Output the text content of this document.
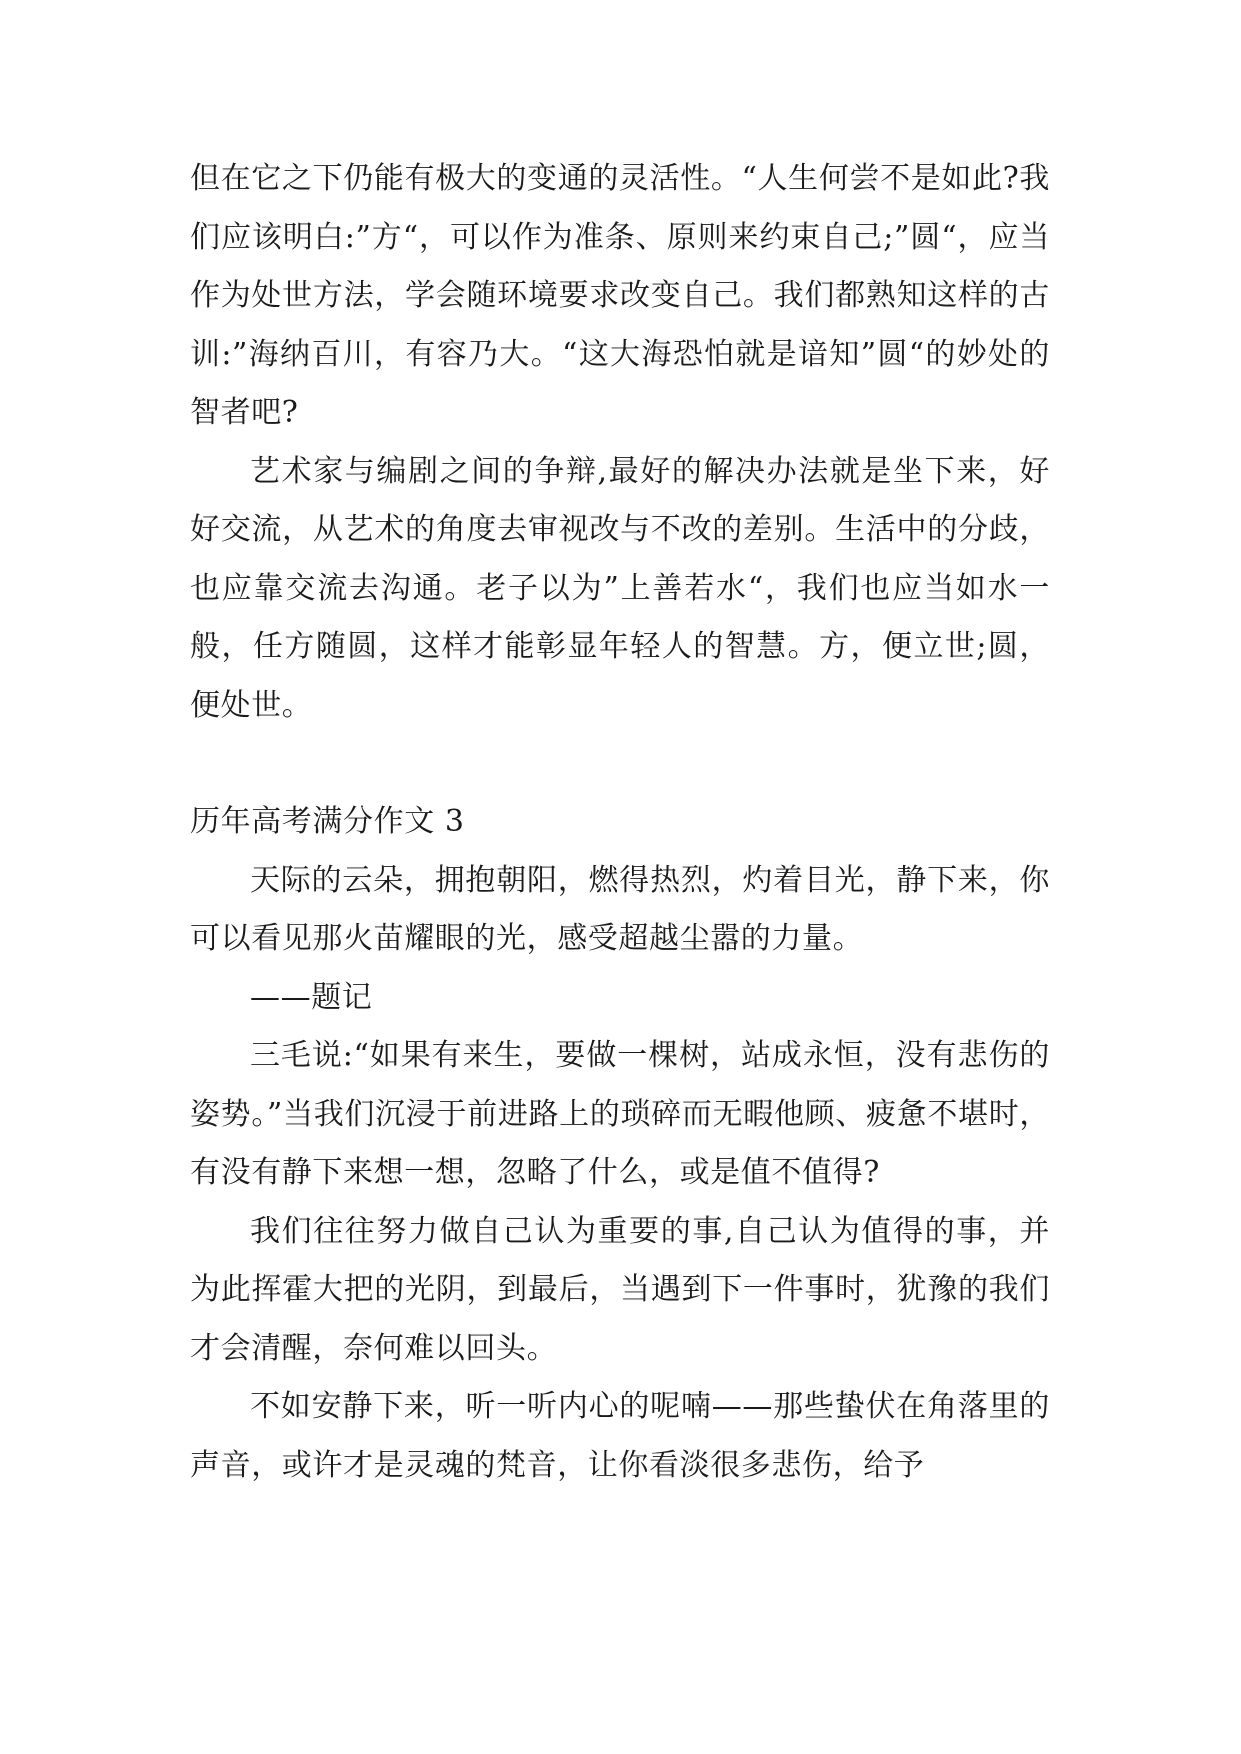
但在它之下仍能有极大的变通的灵活性。“人生何尝不是如此?我们应该明白:”方“，可以作为准条、原则来约束自己;”圆“，应当作为处世方法，学会随环境要求改变自己。我们都熟知这样的古训:”海纳百川，有容乃大。“这大海恐怕就是谙知”圆“的妙处的智者吧?

艺术家与编剧之间的争辩,最好的解决办法就是坐下来，好好交流，从艺术的角度去审视改与不改的差别。生活中的分歧，也应靠交流去沟通。老子以为”上善若水“，我们也应当如水一般，任方随圆，这样才能彰显年轻人的智慧。方，便立世;圆，便处世。

历年高考满分作文 3

天际的云朵，拥抱朝阳，燃得热烈，灼着目光，静下来，你可以看见那火苗耀眼的光，感受超越尘嚣的力量。

——题记

三毛说:“如果有来生，要做一棵树，站成永恒，没有悲伤的姿势。”当我们沉浸于前进路上的琐碎而无暇他顾、疲惫不堪时，有没有静下来想一想，忽略了什么，或是值不值得?

我们往往努力做自己认为重要的事,自己认为值得的事，并为此挥霍大把的光阴，到最后，当遇到下一件事时，犹豫的我们才会清醒，奈何难以回头。

不如安静下来，听一听内心的呢喃——那些蛰伏在角落里的声音，或许才是灵魂的梵音，让你看淡很多悲伤，给予
